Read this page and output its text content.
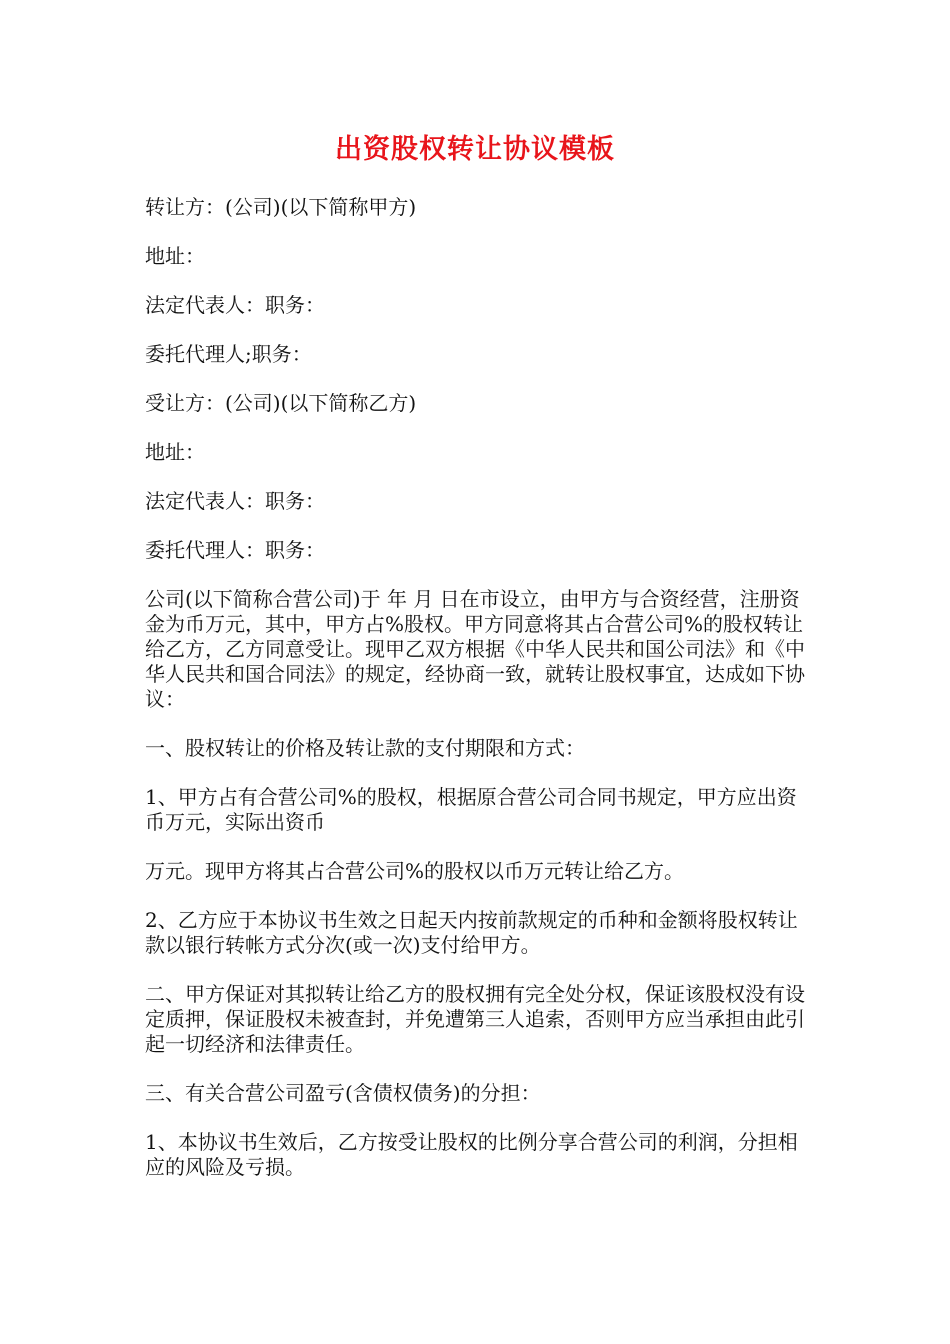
出资股权转让协议模板

转让方：(公司)(以下简称甲方)

地址：

法定代表人：职务：

委托代理人;职务：

受让方：(公司)(以下简称乙方)

地址：

法定代表人：职务：

委托代理人：职务：

公司(以下简称合营公司)于 年 月 日在市设立，由甲方与合资经营，注册资金为币万元，其中，甲方占%股权。甲方同意将其占合营公司%的股权转让给乙方，乙方同意受让。现甲乙双方根据《中华人民共和国公司法》和《中华人民共和国合同法》的规定，经协商一致，就转让股权事宜，达成如下协议：

一、股权转让的价格及转让款的支付期限和方式：

1、甲方占有合营公司%的股权，根据原合营公司合同书规定，甲方应出资币万元，实际出资币

万元。现甲方将其占合营公司%的股权以币万元转让给乙方。

2、乙方应于本协议书生效之日起天内按前款规定的币种和金额将股权转让款以银行转帐方式分次(或一次)支付给甲方。

二、甲方保证对其拟转让给乙方的股权拥有完全处分权，保证该股权没有设定质押，保证股权未被查封，并免遭第三人追索，否则甲方应当承担由此引起一切经济和法律责任。

三、有关合营公司盈亏(含债权债务)的分担：

1、本协议书生效后，乙方按受让股权的比例分享合营公司的利润，分担相应的风险及亏损。
